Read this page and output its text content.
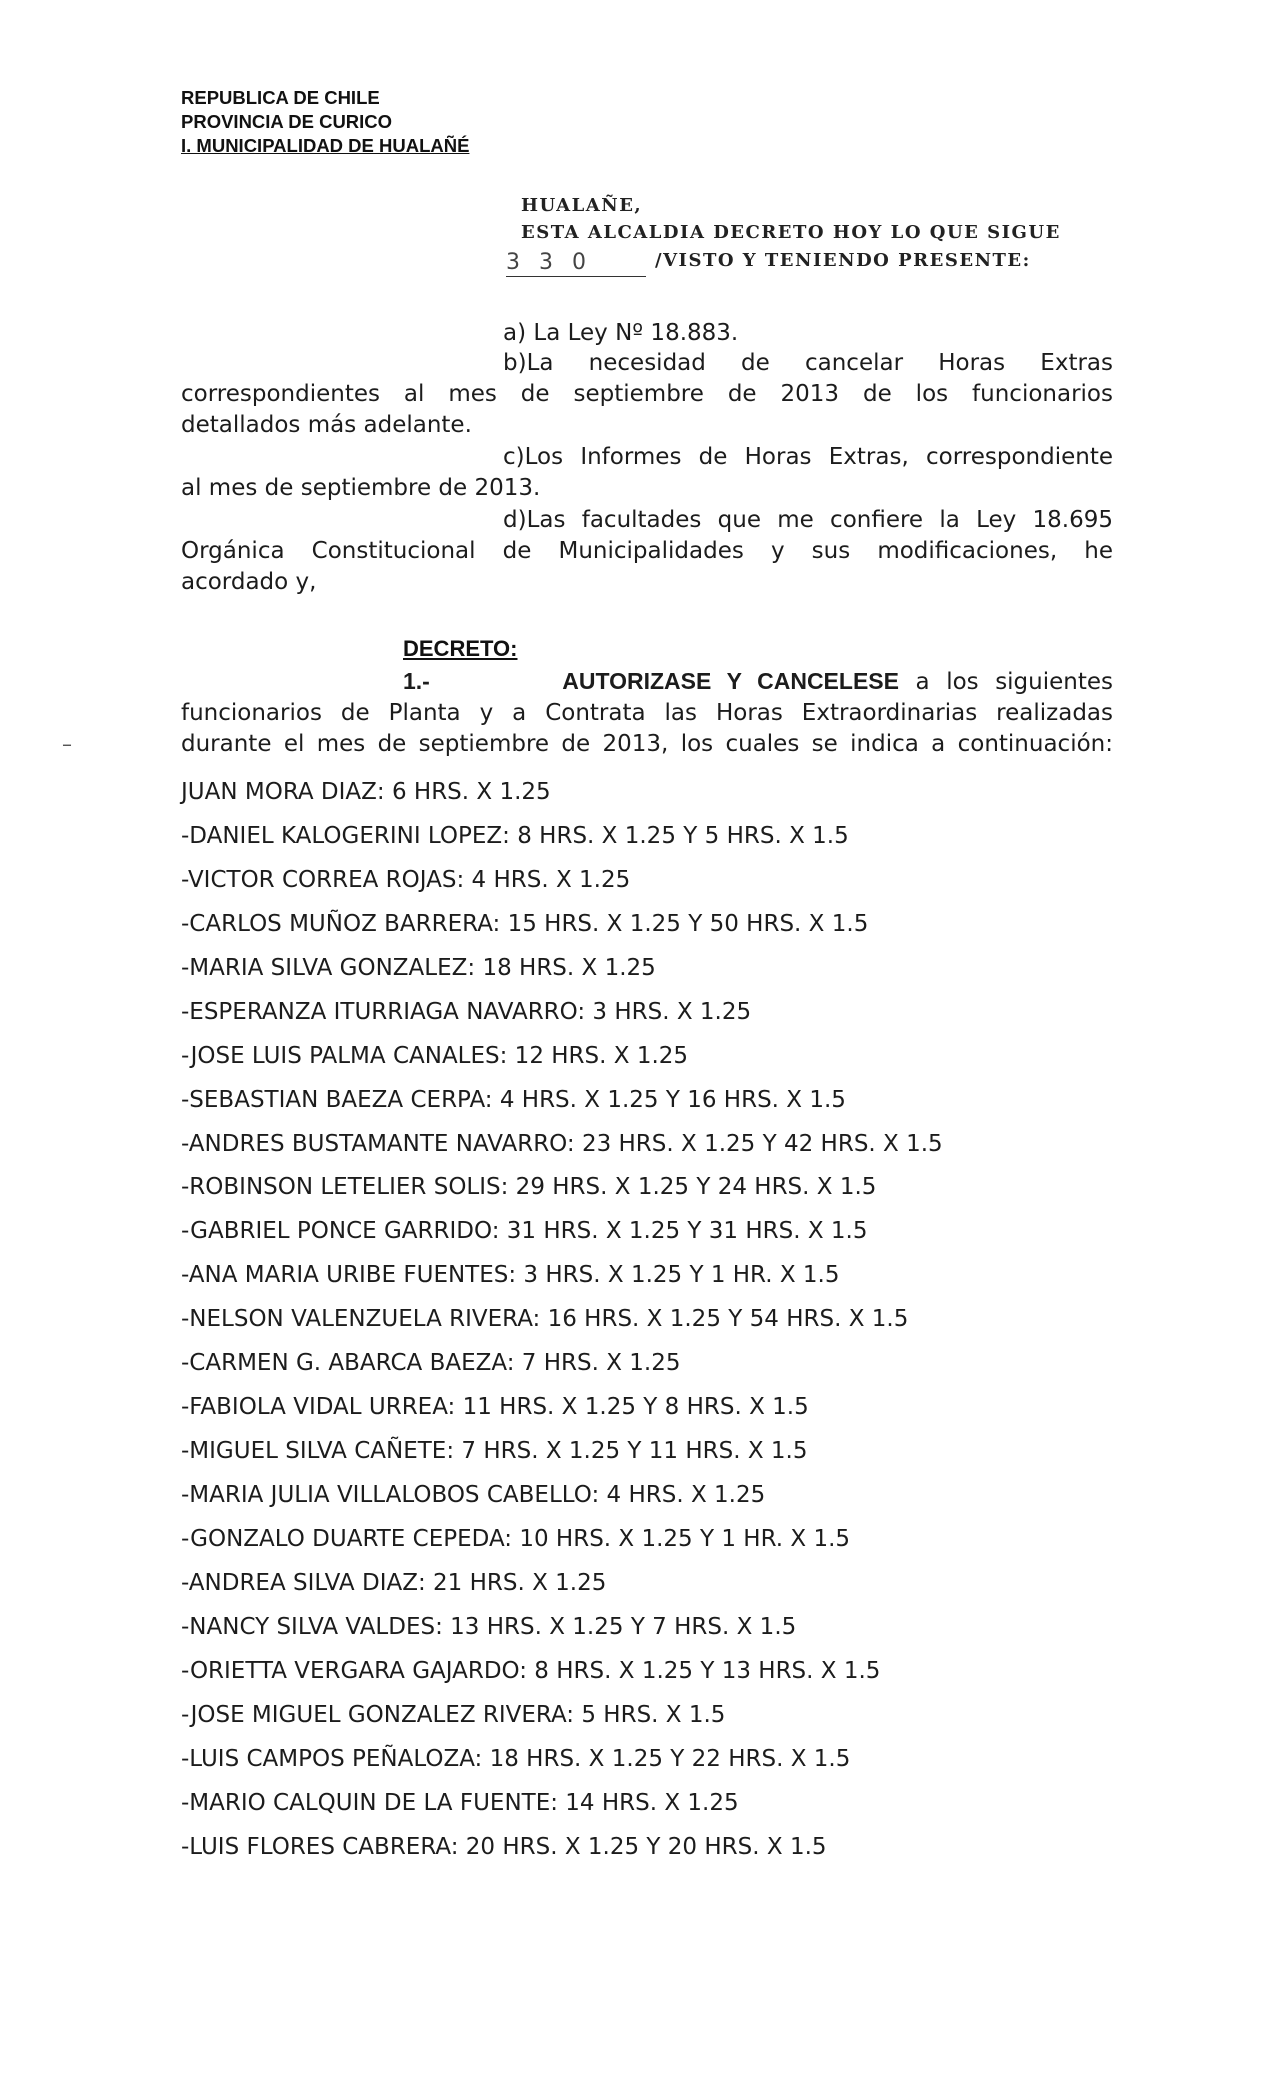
REPUBLICA DE CHILE
PROVINCIA DE CURICO
I. MUNICIPALIDAD DE HUALAÑÉ
HUALAÑE,
ESTA ALCALDIA DECRETO HOY LO QUE SIGUE
3 3 0	/VISTO Y TENIENDO PRESENTE:
a) La Ley Nº 18.883.
b)La necesidad de cancelar Horas Extras
correspondientes al mes de septiembre de 2013 de los funcionarios
detallados más adelante.
c)Los Informes de Horas Extras, correspondiente
al mes de septiembre de 2013.
d)Las facultades que me confiere la Ley 18.695
Orgánica Constitucional de Municipalidades y sus modificaciones, he
acordado y,
DECRETO:
1.-	AUTORIZASE Y CANCELESE a los siguientes
funcionarios de Planta y a Contrata las Horas Extraordinarias realizadas
durante el mes de septiembre de 2013, los cuales se indica a continuación:
–
JUAN MORA DIAZ: 6 HRS. X 1.25
-DANIEL KALOGERINI LOPEZ: 8 HRS. X 1.25 Y 5 HRS. X 1.5
-VICTOR CORREA ROJAS: 4 HRS. X 1.25
-CARLOS MUÑOZ BARRERA: 15 HRS. X 1.25 Y 50 HRS. X 1.5
-MARIA SILVA GONZALEZ: 18 HRS. X 1.25
-ESPERANZA ITURRIAGA NAVARRO: 3 HRS. X 1.25
-JOSE LUIS PALMA CANALES: 12 HRS. X 1.25
-SEBASTIAN BAEZA CERPA: 4 HRS. X 1.25 Y 16 HRS. X 1.5
-ANDRES BUSTAMANTE NAVARRO: 23 HRS. X 1.25 Y 42 HRS. X 1.5
-ROBINSON LETELIER SOLIS: 29 HRS. X 1.25 Y 24 HRS. X 1.5
-GABRIEL PONCE GARRIDO: 31 HRS. X 1.25 Y 31 HRS. X 1.5
-ANA MARIA URIBE FUENTES: 3 HRS. X 1.25 Y 1 HR. X 1.5
-NELSON VALENZUELA RIVERA: 16 HRS. X 1.25 Y 54 HRS. X 1.5
-CARMEN G. ABARCA BAEZA: 7 HRS. X 1.25
-FABIOLA VIDAL URREA: 11 HRS. X 1.25 Y 8 HRS. X 1.5
-MIGUEL SILVA CAÑETE: 7 HRS. X 1.25 Y 11 HRS. X 1.5
-MARIA JULIA VILLALOBOS CABELLO: 4 HRS. X 1.25
-GONZALO DUARTE CEPEDA: 10 HRS. X 1.25 Y 1 HR. X 1.5
-ANDREA SILVA DIAZ: 21 HRS. X 1.25
-NANCY SILVA VALDES: 13 HRS. X 1.25 Y 7 HRS. X 1.5
-ORIETTA VERGARA GAJARDO: 8 HRS. X 1.25 Y 13 HRS. X 1.5
-JOSE MIGUEL GONZALEZ RIVERA: 5 HRS. X 1.5
-LUIS CAMPOS PEÑALOZA: 18 HRS. X 1.25 Y 22 HRS. X 1.5
-MARIO CALQUIN DE LA FUENTE: 14 HRS. X 1.25
-LUIS FLORES CABRERA: 20 HRS. X 1.25 Y 20 HRS. X 1.5
